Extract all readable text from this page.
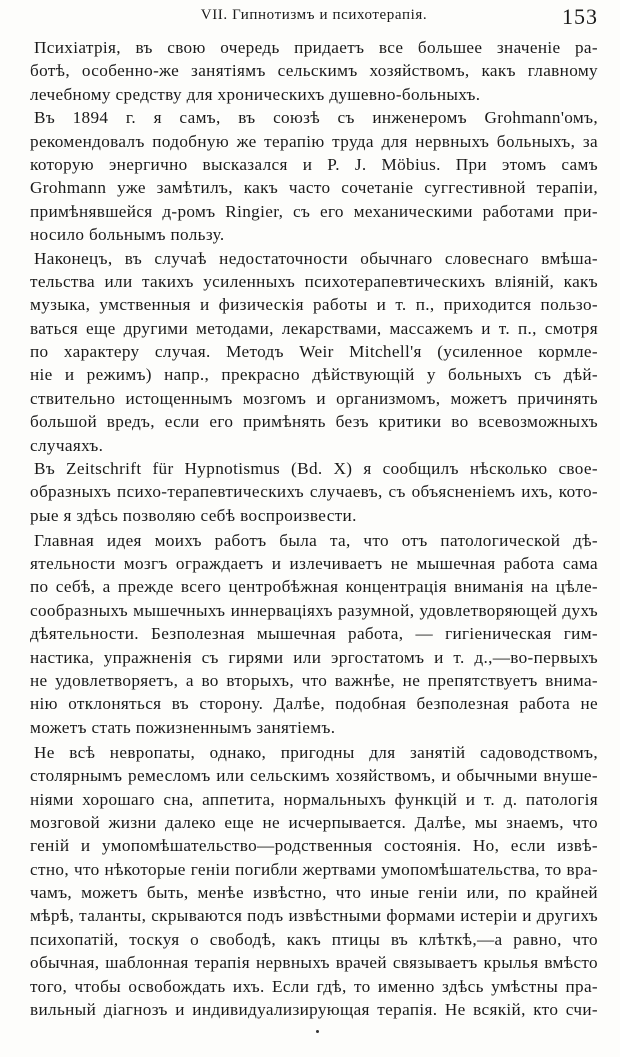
VII. Гипнотизмъ и психотерапія.	153
Психіатрія, въ свою очередь придаетъ все большее значеніе ра-
ботѣ, особенно-же занятіямъ сельскимъ хозяйствомъ, какъ главному
лечебному средству для хроническихъ душевно-больныхъ.
Въ 1894 г. я самъ, въ союзѣ съ инженеромъ Grohmann'омъ,
рекомендовалъ подобную же терапію труда для нервныхъ больныхъ, за
которую энергично высказался и P. J. Möbius. При этомъ самъ
Grohmann уже замѣтилъ, какъ часто сочетаніе суггестивной терапіи,
примѣнявшейся д-ромъ Ringier, съ его механическими работами при-
носило больнымъ пользу.
Наконецъ, въ случаѣ недостаточности обычнаго словеснаго вмѣша-
тельства или такихъ усиленныхъ психотерапевтическихъ вліяній, какъ
музыка, умственныя и физическія работы и т. п., приходится пользо-
ваться еще другими методами, лекарствами, массажемъ и т. п., смотря
по характеру случая. Методъ Weir Mitchell'я (усиленное кормле-
ніе и режимъ) напр., прекрасно дѣйствующій у больныхъ съ дѣй-
ствительно истощеннымъ мозгомъ и организмомъ, можетъ причинять
большой вредъ, если его примѣнять безъ критики во всевозможныхъ
случаяхъ.
Въ Zeitschrift für Hypnotismus (Bd. X) я сообщилъ нѣсколько свое-
образныхъ психо-терапевтическихъ случаевъ, съ объясненіемъ ихъ, кото-
рые я здѣсь позволяю себѣ воспроизвести.
Главная идея моихъ работъ была та, что отъ патологической дѣ-
ятельности мозгъ ограждаетъ и излечиваетъ не мышечная работа сама
по себѣ, а прежде всего центробѣжная концентрація вниманія на цѣле-
сообразныхъ мышечныхъ иннервацiяхъ разумной, удовлетворяющей духъ
дѣятельности. Безполезная мышечная работа, — гигіеническая гим-
настика, упражненія съ гирями или эргостатомъ и т. д.,—во-первыхъ
не удовлетворяетъ, а во вторыхъ, что важнѣе, не препятствуетъ внима-
нію отклоняться въ сторону. Далѣе, подобная безполезная работа не
можетъ стать пожизненнымъ занятіемъ.
Не всѣ невропаты, однако, пригодны для занятій садоводствомъ,
столярнымъ ремесломъ или сельскимъ хозяйствомъ, и обычными внуше-
ніями хорошаго сна, аппетита, нормальныхъ функцій и т. д. патологія
мозговой жизни далеко еще не исчерпывается. Далѣе, мы знаемъ, что
геній и умопомѣшательство—родственныя состоянія. Но, если извѣ-
стно, что нѣкоторые геніи погибли жертвами умопомѣшательства, то вра-
чамъ, можетъ быть, менѣе извѣстно, что иные геніи или, по крайней
мѣрѣ, таланты, скрываются подъ извѣстными формами истеріи и другихъ
психопатій, тоскуя о свободѣ, какъ птицы въ клѣткѣ,—а равно, что
обычная, шаблонная терапія нервныхъ врачей связываетъ крылья вмѣсто
того, чтобы освобождать ихъ. Если гдѣ, то именно здѣсь умѣстны пра-
вильный діагнозъ и индивидуализирующая терапія. Не всякій, кто счи-
